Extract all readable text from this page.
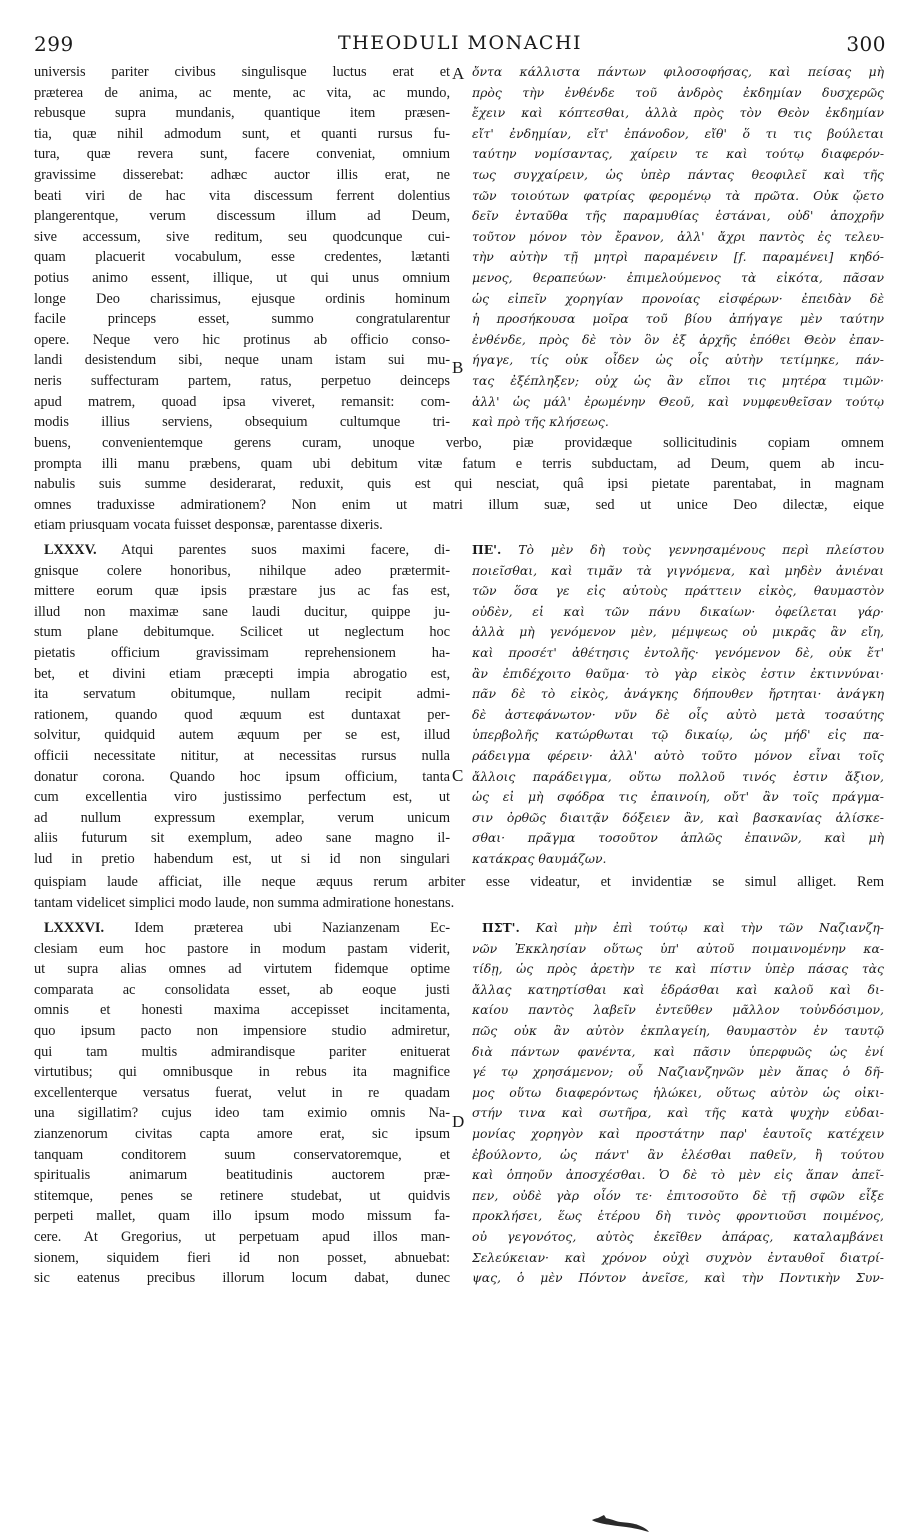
299	THEODULI MONACHI	300
A
B
C
D
universis pariter civibus singulisque luctus erat et
præterea de anima, ac mente, ac vita, ac mundo,
rebusque supra mundanis, quantique item præsen-
tia, quæ nihil admodum sunt, et quanti rursus fu-
tura, quæ revera sunt, facere conveniat, omnium
gravissime disserebat: adhæc auctor illis erat, ne
beati viri de hac vita discessum ferrent dolentius
plangerentque, verum discessum illum ad Deum,
sive accessum, sive reditum, seu quodcunque cui-
quam placuerit vocabulum, esse credentes, lætanti
potius animo essent, illique, ut qui unus omnium
longe Deo charissimus, ejusque ordinis hominum
facile princeps esset, summo congratularentur
opere. Neque vero hic protinus ab officio conso-
landi desistendum sibi, neque unam istam sui mu-
neris suffecturam partem, ratus, perpetuo deinceps
apud matrem, quoad ipsa viveret, remansit: com-
modis illius serviens, obsequium cultumque tri-
ὄντα κάλλιστα πάντων φιλοσοφήσας, καὶ πείσας μὴ
πρὸς τὴν ἐνθένδε τοῦ ἀνδρὸς ἐκδημίαν δυσχερῶς
ἔχειν καὶ κόπτεσθαι, ἀλλὰ πρὸς τὸν Θεὸν ἐκδημίαν
εἴτ' ἐνδημίαν, εἴτ' ἐπάνοδον, εἴθ' ὅ τι τις βούλεται
ταύτην νομίσαντας, χαίρειν τε καὶ τούτῳ διαφερόν-
τως συγχαίρειν, ὡς ὑπὲρ πάντας θεοφιλεῖ καὶ τῆς
τῶν τοιούτων φατρίας φερομένῳ τὰ πρῶτα. Οὐκ ᾤετο
δεῖν ἐνταῦθα τῆς παραμυθίας ἑστάναι, οὐδ' ἀποχρῆν
τοῦτον μόνον τὸν ἔρανον, ἀλλ' ἄχρι παντὸς ἐς τελευ-
τὴν αὐτὴν τῇ μητρὶ παραμένειν [f. παραμένει] κηδό-
μενος, θεραπεύων· ἐπιμελούμενος τὰ εἰκότα, πᾶσαν
ὡς εἰπεῖν χορηγίαν προνοίας εἰσφέρων· ἐπειδὰν δὲ
ἡ προσήκουσα μοῖρα τοῦ βίου ἀπήγαγε μὲν ταύτην
ἐνθένδε, πρὸς δὲ τὸν ὃν ἐξ ἀρχῆς ἐπόθει Θεὸν ἐπαν-
ήγαγε, τίς οὐκ οἶδεν ὡς οἷς αὐτὴν τετίμηκε, πάν-
τας ἐξέπληξεν; οὐχ ὡς ἂν εἴποι τις μητέρα τιμῶν·
ἀλλ' ὡς μάλ' ἐρωμένην Θεοῦ, καὶ νυμφευθεῖσαν τούτῳ
καὶ πρὸ τῆς κλήσεως.
buens, convenientemque gerens curam, unoque verbo, piæ providæque sollicitudinis copiam omnem
prompta illi manu præbens, quam ubi debitum vitæ fatum e terris subductam, ad Deum, quem ab incu-
nabulis suis summe desiderarat, reduxit, quis est qui nesciat, quâ ipsi pietate parentabat, in magnam
omnes traduxisse admirationem? Non enim ut matri illum suæ, sed ut unice Deo dilectæ, eique
etiam priusquam vocata fuisset desponsæ, parentasse dixeris.
LXXXV. Atqui parentes suos maximi facere, di-
gnisque colere honoribus, nihilque adeo prætermit-
mittere eorum quæ ipsis præstare jus ac fas est,
illud non maximæ sane laudi ducitur, quippe ju-
stum plane debitumque. Scilicet ut neglectum hoc
pietatis officium gravissimam reprehensionem ha-
bet, et divini etiam præcepti impia abrogatio est,
ita servatum obitumque, nullam recipit admi-
rationem, quando quod æquum est duntaxat per-
solvitur, quidquid autem æquum per se est, illud
officii necessitate nititur, at necessitas rursus nulla
donatur corona. Quando hoc ipsum officium, tanta
cum excellentia viro justissimo perfectum est, ut
ad nullum expressum exemplar, verum unicum
aliis futurum sit exemplum, adeo sane magno il-
lud in pretio habendum est, ut si id non singulari
ΠΕ'. Τὸ μὲν δὴ τοὺς γεννησαμένους περὶ πλείστου
ποιεῖσθαι, καὶ τιμᾶν τὰ γιγνόμενα, καὶ μηδὲν ἀνιέναι
τῶν ὅσα γε εἰς αὐτοὺς πράττειν εἰκὸς, θαυμαστὸν
οὐδὲν, εἰ καὶ τῶν πάνυ δικαίων· ὀφείλεται γάρ·
ἀλλὰ μὴ γενόμενον μὲν, μέμψεως οὐ μικρᾶς ἂν εἴη,
καὶ προσέτ' ἀθέτησις ἐντολῆς· γενόμενον δὲ, οὐκ ἔτ'
ἂν ἐπιδέχοιτο θαῦμα· τὸ γὰρ εἰκὸς ἐστιν ἐκτιννύναι·
πᾶν δὲ τὸ εἰκὸς, ἀνάγκης δήπουθεν ἤρτηται· ἀνάγκη
δὲ ἀστεφάνωτον· νῦν δὲ οἷς αὐτὸ μετὰ τοσαύτης
ὑπερβολῆς κατώρθωται τῷ δικαίῳ, ὡς μήδ' εἰς πα-
ράδειγμα φέρειν· ἀλλ' αὐτὸ τοῦτο μόνον εἶναι τοῖς
ἄλλοις παράδειγμα, οὕτω πολλοῦ τινός ἐστιν ἄξιον,
ὡς εἰ μὴ σφόδρα τις ἐπαινοίη, οὔτ' ἂν τοῖς πράγμα-
σιν ὀρθῶς διαιτᾷν δόξειεν ἂν, καὶ βασκανίας ἁλίσκε-
σθαι· πρᾶγμα τοσοῦτον ἁπλῶς ἐπαινῶν, καὶ μὴ
κατάκρας θαυμάζων.
quispiam laude afficiat, ille neque æquus rerum arbiter esse videatur, et invidentiæ se simul alliget. Rem
tantam videlicet simplici modo laude, non summa admiratione honestans.
LXXXVI. Idem præterea ubi Nazianzenam Ec-
clesiam eum hoc pastore in modum pastam viderit,
ut supra alias omnes ad virtutem fidemque optime
comparata ac consolidata esset, ab eoque justi
omnis et honesti maxima accepisset incitamenta,
quo ipsum pacto non impensiore studio admiretur,
qui tam multis admirandisque pariter enituerat
virtutibus; qui omnibusque in rebus ita magnifice
excellenterque versatus fuerat, velut in re quadam
una sigillatim? cujus ideo tam eximio omnis Na-
zianzenorum civitas capta amore erat, sic ipsum
tanquam conditorem suum conservatoremque, et
spiritualis animarum beatitudinis auctorem præ-
stitemque, penes se retinere studebat, ut quidvis
perpeti mallet, quam illo ipsum modo missum fa-
cere. At Gregorius, ut perpetuam apud illos man-
sionem, siquidem fieri id non posset, abnuebat:
sic eatenus precibus illorum locum dabat, dunec
ΠΣΤ'. Καὶ μὴν ἐπὶ τούτῳ καὶ τὴν τῶν Ναζιανζη-
νῶν Ἐκκλησίαν οὕτως ὑπ' αὐτοῦ ποιμαινομένην κα-
τίδῃ, ὡς πρὸς ἀρετὴν τε καὶ πίστιν ὑπὲρ πάσας τὰς
ἄλλας κατηρτίσθαι καὶ ἑδράσθαι καὶ καλοῦ καὶ δι-
καίου παντὸς λαβεῖν ἐντεῦθεν μᾶλλον τοὐνδόσιμον,
πῶς οὐκ ἂν αὐτὸν ἐκπλαγείη, θαυμαστὸν ἐν ταυτῷ
διὰ πάντων φανέντα, καὶ πᾶσιν ὑπερφυῶς ὡς ἐνί
γέ τῳ χρησάμενον; οὗ Ναζιανζηνῶν μὲν ἅπας ὁ δῆ-
μος οὕτω διαφερόντως ἡλώκει, οὕτως αὐτὸν ὡς οἰκι-
στήν τινα καὶ σωτῆρα, καὶ τῆς κατὰ ψυχὴν εὐδαι-
μονίας χορηγὸν καὶ προστάτην παρ' ἑαυτοῖς κατέχειν
ἐβούλοντο, ὡς πάντ' ἂν ἑλέσθαι παθεῖν, ἢ τούτου
καὶ ὁπηοῦν ἀποσχέσθαι. Ὁ δὲ τὸ μὲν εἰς ἅπαν ἀπεῖ-
πεν, οὐδὲ γὰρ οἷόν τε· ἐπιτοσοῦτο δὲ τῇ σφῶν εἶξε
προκλήσει, ἕως ἑτέρου δὴ τινὸς φροντιοῦσι ποιμένος,
οὐ γεγονότος, αὐτὸς ἐκεῖθεν ἀπάρας, καταλαμβάνει
Σελεύκειαν· καὶ χρόνον οὐχὶ συχνὸν ἐνταυθοῖ διατρί-
ψας, ὁ μὲν Πόντον ἀνεῖσε, καὶ τὴν Ποντικὴν Συν-
